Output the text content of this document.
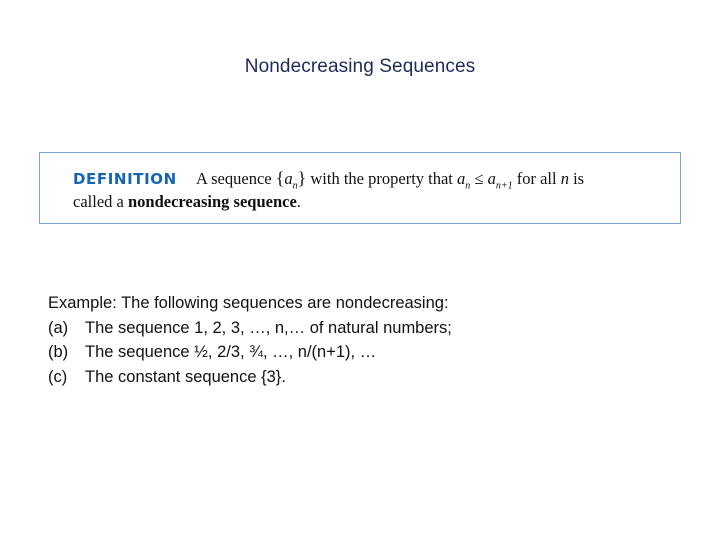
Nondecreasing Sequences
DEFINITION A sequence $\{a_n\}$ with the property that $a_n \le a_{n+1}$ for all n is
called a nondecreasing sequence.
Example: The following sequences are nondecreasing:
(a) The sequence 1, 2, 3, …, n,… of natural numbers;
(b) The sequence ½, 2/3, ¾, …, n/(n+1), …
(c) The constant sequence {3}.
